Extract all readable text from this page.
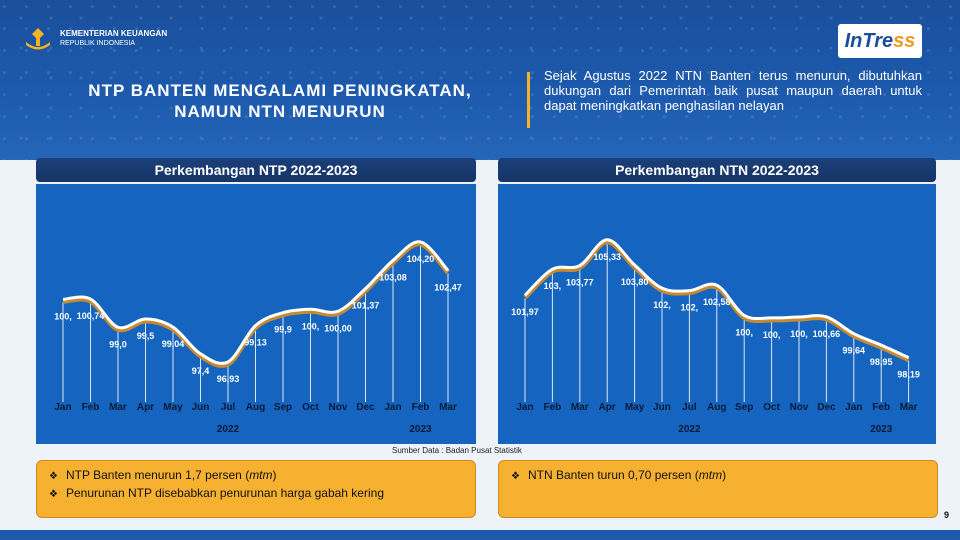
KEMENTERIAN KEUANGAN
REPUBLIK INDONESIA	InTre ss
NTP BANTEN MENGALAMI PENINGKATAN,
NAMUN NTN MENURUN
Sejak Agustus 2022 NTN Banten terus menurun, dibutuhkan dukungan dari Pemerintah baik pusat maupun daerah untuk dapat meningkatkan penghasilan nelayan
Perkembangan NTP 2022-2023
100, 100,74
99,0
99,5
99,04
97,4
96,93
99,13
99,9 100, 100,00
101,37
103,08
104,20
102,47
Jan Feb Mar Apr May Jun Jul Aug Sep Oct Nov Dec Jan Feb Mar
2022	2023
Perkembangan NTN 2022-2023
101,97
103, 103,77
105,33
103,80
102, 102,
102,58
100, 100, 100, 100,66
99,64
98,95
98,19
Jan Feb Mar Apr May Jun Jul Aug Sep Oct Nov Dec Jan Feb Mar
2022	2023
Sumber Data : Badan Pusat Statistik
❖ NTP Banten menurun 1,7 persen (mtm)
❖ Penurunan NTP disebabkan penurunan harga gabah kering
❖ NTN Banten turun 0,70 persen (mtm)
9
